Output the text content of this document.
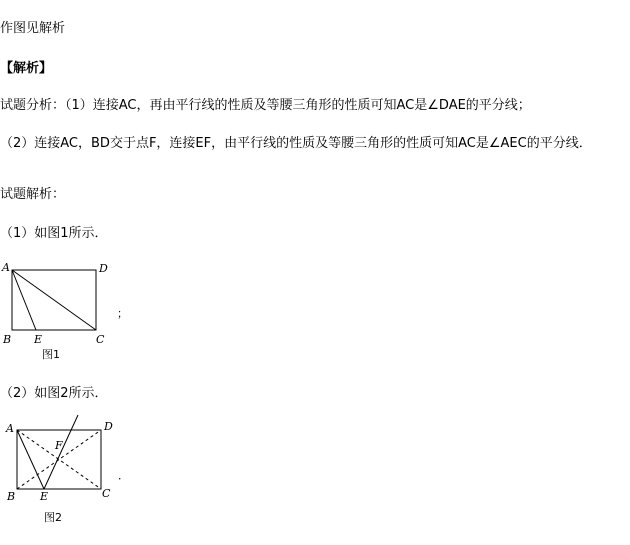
作图见解析
【解析】
试题分析：（1）连接AC，再由平行线的性质及等腰三角形的性质可知AC是∠DAE的平分线；
（2）连接AC，BD交于点F，连接EF，由平行线的性质及等腰三角形的性质可知AC是∠AEC的平分线．
试题解析：
（1）如图1所示．
A	D
B E	C
图1
；
A	D
F
B E	C
图2
．
（2）如图2所示．
